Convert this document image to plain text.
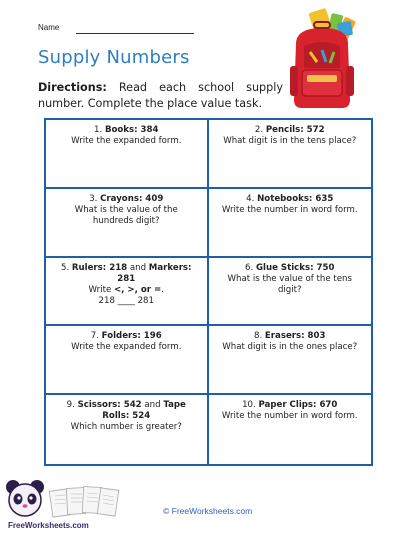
Name
Supply Numbers
Directions: Read each school supply number. Complete the place value task.
1. Books: 384
Write the expanded form.
2. Pencils: 572
What digit is in the tens place?
3. Crayons: 409
What is the value of the hundreds digit?
4. Notebooks: 635
Write the number in word form.
5. Rulers: 218 and Markers: 281
Write <, >, or =.
218 ____ 281
6. Glue Sticks: 750
What is the value of the tens digit?
7. Folders: 196
Write the expanded form.
8. Erasers: 803
What digit is in the ones place?
9. Scissors: 542 and Tape Rolls: 524
Which number is greater?
10. Paper Clips: 670
Write the number in word form.
FreeWorksheets.com
© FreeWorksheets.com
